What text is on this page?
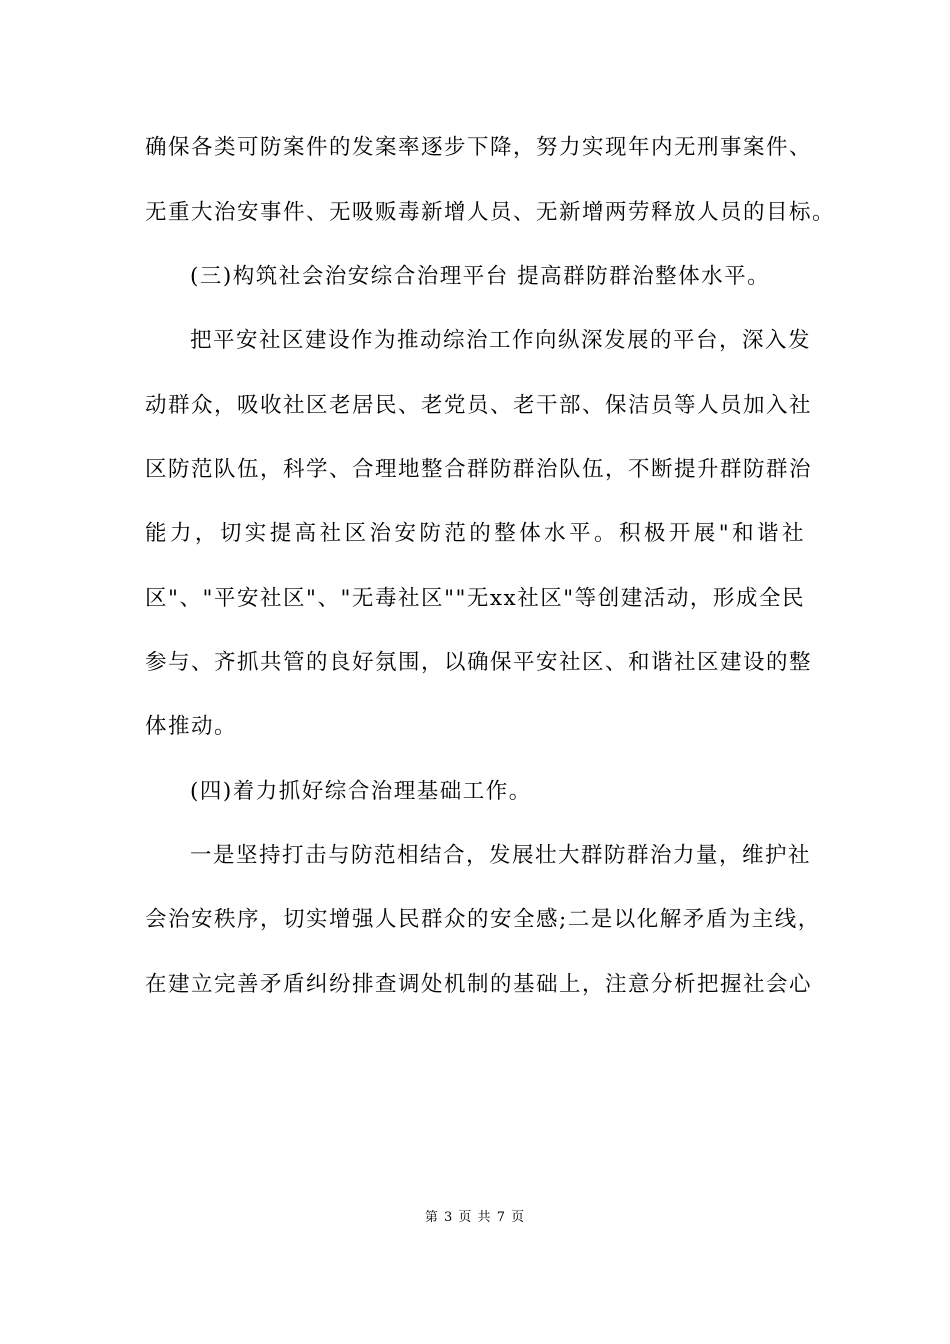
确保各类可防案件的发案率逐步下降，努力实现年内无刑事案件、
无重大治安事件、无吸贩毒新增人员、无新增两劳释放人员的目标。
(三)构筑社会治安综合治理平台 提高群防群治整体水平。
把平安社区建设作为推动综治工作向纵深发展的平台，深入发
动群众，吸收社区老居民、老党员、老干部、保洁员等人员加入社
区防范队伍，科学、合理地整合群防群治队伍，不断提升群防群治
能力，切实提高社区治安防范的整体水平。积极开展"和谐社
区"、"平安社区"、"无毒社区""无xx社区"等创建活动，形成全民
参与、齐抓共管的良好氛围，以确保平安社区、和谐社区建设的整
体推动。
(四)着力抓好综合治理基础工作。
一是坚持打击与防范相结合，发展壮大群防群治力量，维护社
会治安秩序，切实增强人民群众的安全感;二是以化解矛盾为主线，
在建立完善矛盾纠纷排查调处机制的基础上，注意分析把握社会心
第 3 页 共 7 页
